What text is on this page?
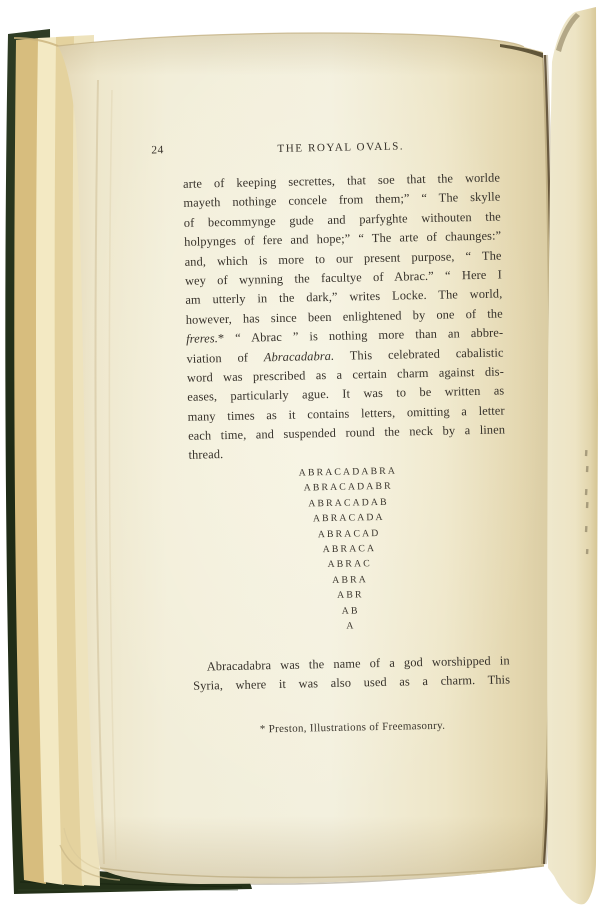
24	THE ROYAL OVALS.
arte of keeping secrettes, that soe that the worlde
mayeth nothinge concele from them;” “ The skylle
of becommynge gude and parfyghte withouten the
holpynges of fere and hope;” “ The arte of chaunges:”
and, which is more to our present purpose, “ The
wey of wynning the facultye of Abrac.” “ Here I
am utterly in the dark,” writes Locke. The world,
however, has since been enlightened by one of the
freres.* “ Abrac ” is nothing more than an abbre-
viation of Abracadabra. This celebrated cabalistic
word was prescribed as a certain charm against dis-
eases, particularly ague. It was to be written as
many times as it contains letters, omitting a letter
each time, and suspended round the neck by a linen
thread.
ABRACADABRA
ABRACADABR
ABRACADAB
ABRACADA
ABRACAD
ABRACA
ABRAC
ABRA
ABR
AB
A
Abracadabra was the name of a god worshipped in
Syria, where it was also used as a charm. This
* Preston, Illustrations of Freemasonry.
